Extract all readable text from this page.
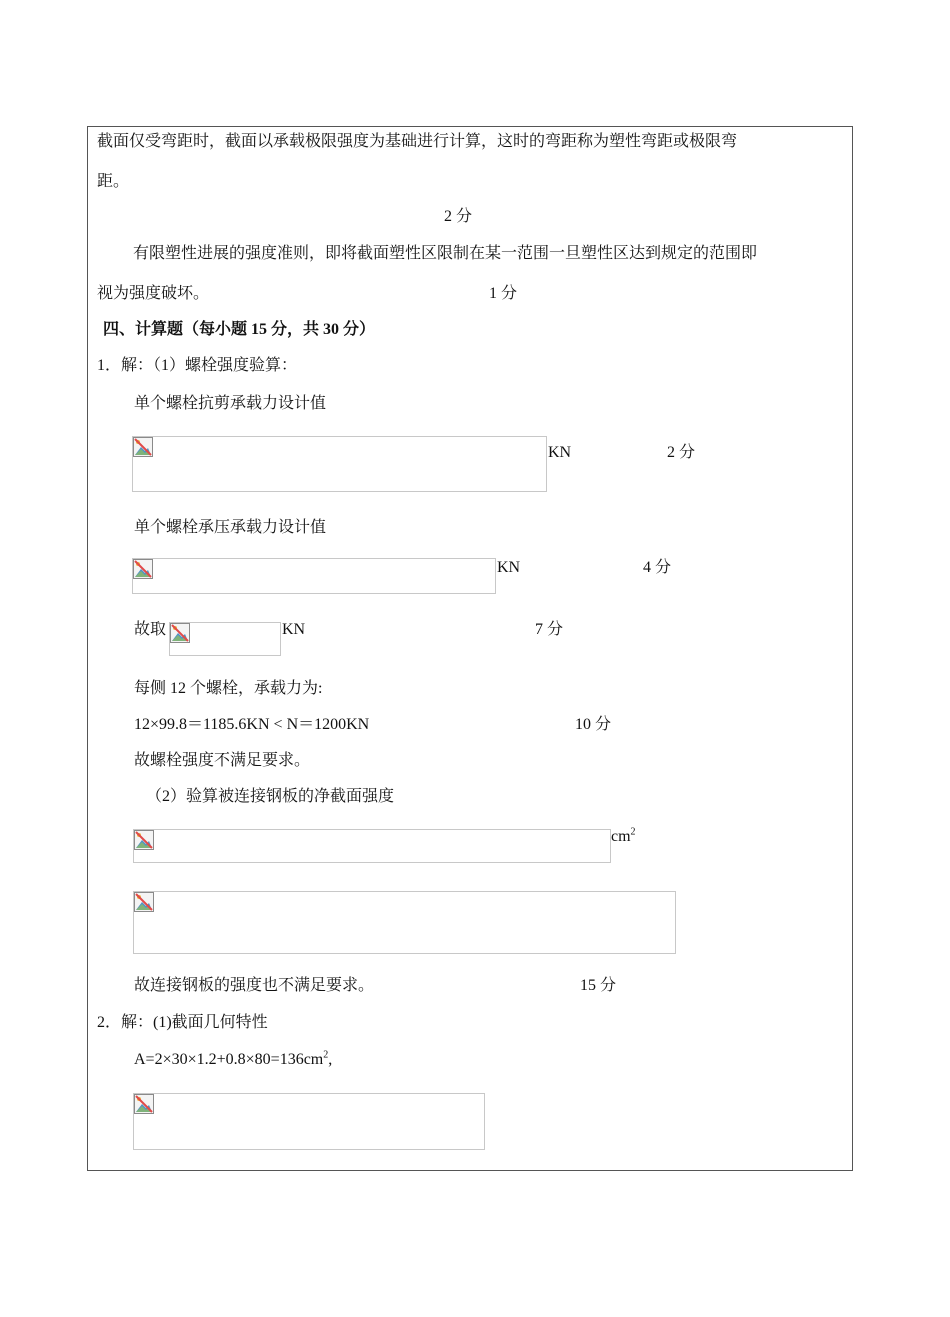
截面仅受弯距时，截面以承载极限强度为基础进行计算，这时的弯距称为塑性弯距或极限弯
距。
2 分
有限塑性进展的强度准则，即将截面塑性区限制在某一范围一旦塑性区达到规定的范围即
视为强度破坏。	1 分
四、计算题（每小题 15 分，共 30 分）
1．解：（1）螺栓强度验算：
单个螺栓抗剪承载力设计值
KN	2 分
单个螺栓承压承载力设计值
KN	4 分
故取	KN	7 分
每侧 12 个螺栓，承载力为:
12×99.8＝1185.6KN < N＝1200KN	10 分
故螺栓强度不满足要求。
（2）验算被连接钢板的净截面强度
$cm^2$
故连接钢板的强度也不满足要求。	15 分
2．解：(1)截面几何特性
$A=2\times 30\times 1.2+0.8\times 80=136cm^2$,
